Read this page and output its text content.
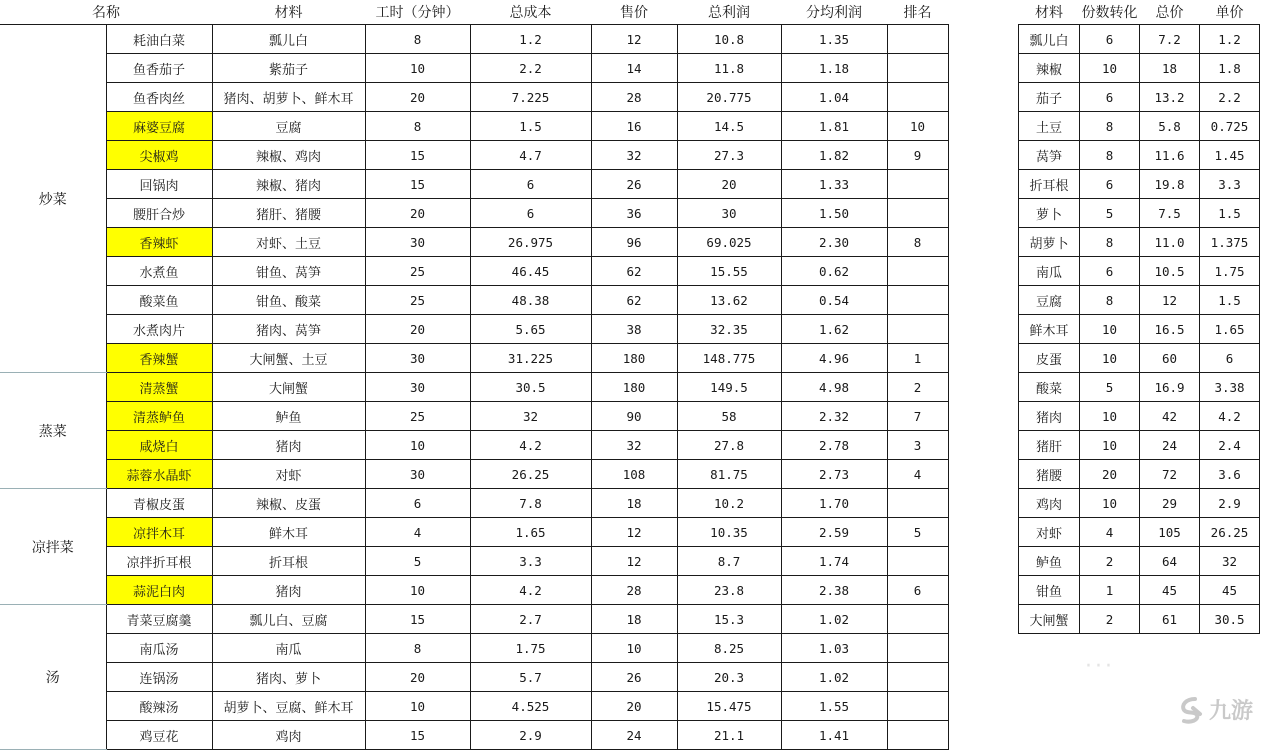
名称		材料	工时（分钟）	总成本	售价	总利润	分均利润	排名
炒菜	耗油白菜	瓢儿白	8	1.2	12	10.8	1.35	
	鱼香茄子	紫茄子	10	2.2	14	11.8	1.18	
	鱼香肉丝	猪肉、胡萝卜、鲜木耳	20	7.225	28	20.775	1.04	
	麻婆豆腐	豆腐	8	1.5	16	14.5	1.81	10
	尖椒鸡	辣椒、鸡肉	15	4.7	32	27.3	1.82	9
	回锅肉	辣椒、猪肉	15	6	26	20	1.33	
	腰肝合炒	猪肝、猪腰	20	6	36	30	1.50	
	香辣虾	对虾、土豆	30	26.975	96	69.025	2.30	8
	水煮鱼	钳鱼、莴笋	25	46.45	62	15.55	0.62	
	酸菜鱼	钳鱼、酸菜	25	48.38	62	13.62	0.54	
	水煮肉片	猪肉、莴笋	20	5.65	38	32.35	1.62	
	香辣蟹	大闸蟹、土豆	30	31.225	180	148.775	4.96	1
蒸菜	清蒸蟹	大闸蟹	30	30.5	180	149.5	4.98	2
	清蒸鲈鱼	鲈鱼	25	32	90	58	2.32	7
	咸烧白	猪肉	10	4.2	32	27.8	2.78	3
	蒜蓉水晶虾	对虾	30	26.25	108	81.75	2.73	4
凉拌菜	青椒皮蛋	辣椒、皮蛋	6	7.8	18	10.2	1.70	
	凉拌木耳	鲜木耳	4	1.65	12	10.35	2.59	5
	凉拌折耳根	折耳根	5	3.3	12	8.7	1.74	
	蒜泥白肉	猪肉	10	4.2	28	23.8	2.38	6
汤	青菜豆腐羹	瓢儿白、豆腐	15	2.7	18	15.3	1.02	
	南瓜汤	南瓜	8	1.75	10	8.25	1.03	
	连锅汤	猪肉、萝卜	20	5.7	26	20.3	1.02	
	酸辣汤	胡萝卜、豆腐、鲜木耳	10	4.525	20	15.475	1.55	
	鸡豆花	鸡肉	15	2.9	24	21.1	1.41	
材料	份数转化	总价	单价
瓢儿白	6	7.2	1.2
辣椒	10	18	1.8
茄子	6	13.2	2.2
土豆	8	5.8	0.725
莴笋	8	11.6	1.45
折耳根	6	19.8	3.3
萝卜	5	7.5	1.5
胡萝卜	8	11.0	1.375
南瓜	6	10.5	1.75
豆腐	8	12	1.5
鲜木耳	10	16.5	1.65
皮蛋	10	60	6
酸菜	5	16.9	3.38
猪肉	10	42	4.2
猪肝	10	24	2.4
猪腰	20	72	3.6
鸡肉	10	29	2.9
对虾	4	105	26.25
鲈鱼	2	64	32
钳鱼	1	45	45
大闸蟹	2	61	30.5
···
九游
